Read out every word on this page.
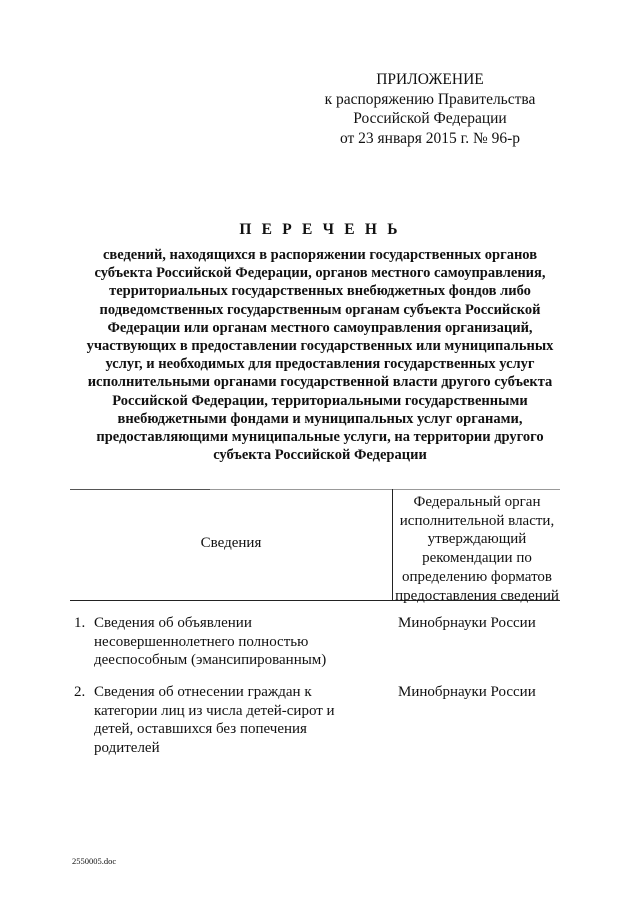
ПРИЛОЖЕНИЕ
к распоряжению Правительства
Российской Федерации
от 23 января 2015 г. № 96-р
П Е Р Е Ч Е Н Ь
сведений, находящихся в распоряжении государственных органов
субъекта Российской Федерации, органов местного самоуправления,
территориальных государственных внебюджетных фондов либо
подведомственных государственным органам субъекта Российской
Федерации или органам местного самоуправления организаций,
участвующих в предоставлении государственных или муниципальных
услуг, и необходимых для предоставления государственных услуг
исполнительными органами государственной власти другого субъекта
Российской Федерации, территориальными государственными
внебюджетными фондами и муниципальных услуг органами,
предоставляющими муниципальные услуги, на территории другого
субъекта Российской Федерации
Сведения
Федеральный орган
исполнительной власти,
утверждающий
рекомендации по
определению форматов
предоставления сведений
1. Сведения об объявлении
несовершеннолетнего полностью
дееспособным (эмансипированным)
Минобрнауки России
2. Сведения об отнесении граждан к
категории лиц из числа детей-сирот и
детей, оставшихся без попечения
родителей
Минобрнауки России
2550005.doc
